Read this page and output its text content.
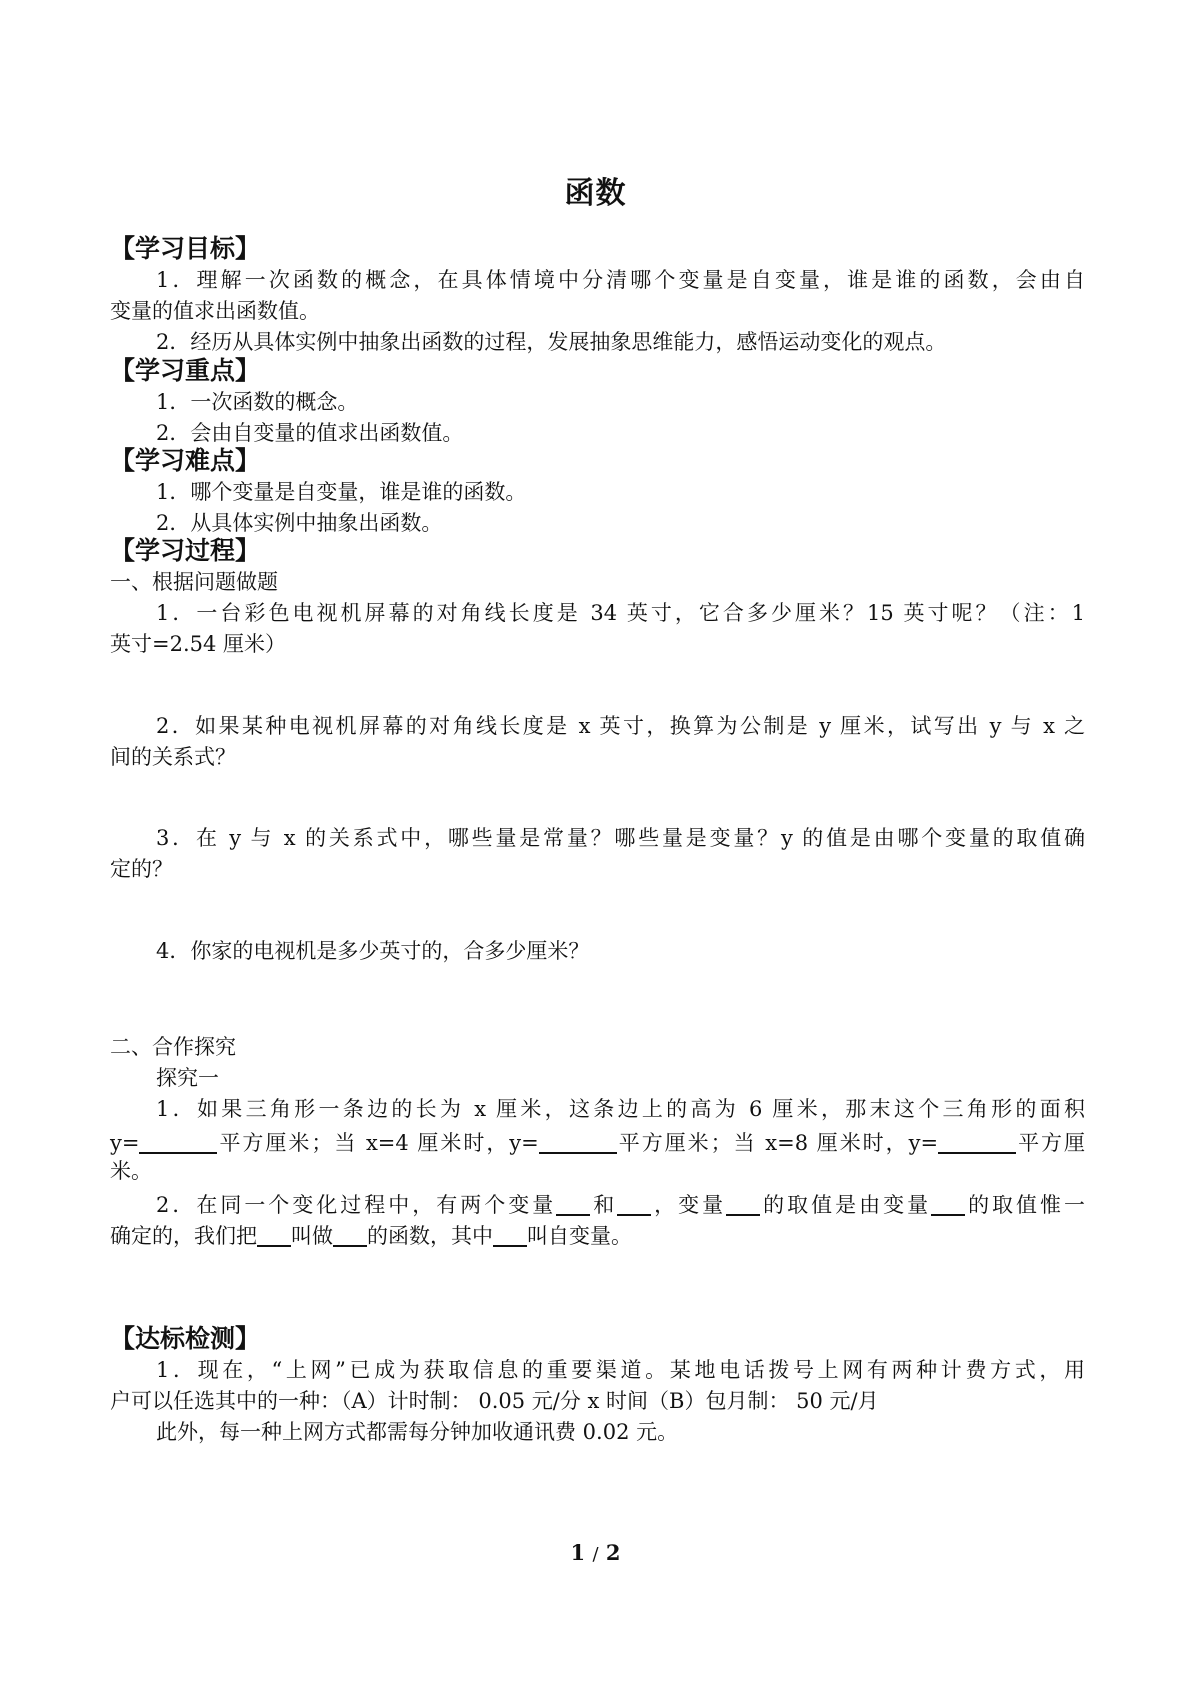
函数
【学习目标】
1．理解一次函数的概念，在具体情境中分清哪个变量是自变量，谁是谁的函数，会由自
变量的值求出函数值。
2．经历从具体实例中抽象出函数的过程，发展抽象思维能力，感悟运动变化的观点。
【学习重点】
1．一次函数的概念。
2．会由自变量的值求出函数值。
【学习难点】
1．哪个变量是自变量，谁是谁的函数。
2．从具体实例中抽象出函数。
【学习过程】
一、根据问题做题
1．一台彩色电视机屏幕的对角线长度是 34 英寸，它合多少厘米？15 英寸呢？（注：1
英寸=2.54 厘米）
2．如果某种电视机屏幕的对角线长度是 x 英寸，换算为公制是 y 厘米，试写出 y 与 x 之
间的关系式？
3．在 y 与 x 的关系式中，哪些量是常量？哪些量是变量？y 的值是由哪个变量的取值确
定的？
4．你家的电视机是多少英寸的，合多少厘米？
二、合作探究
探究一
1．如果三角形一条边的长为 x 厘米，这条边上的高为 6 厘米，那末这个三角形的面积
y=	平方厘米；当 x=4 厘米时，y=	平方厘米；当 x=8 厘米时，y=	平方厘
米。
2．在同一个变化过程中，有两个变量 和 ，变量 的取值是由变量 的取值惟一
确定的，我们把 叫做 的函数，其中 叫自变量。
【达标检测】
1．现在，“上网”已成为获取信息的重要渠道。某地电话拨号上网有两种计费方式，用
户可以任选其中的一种：（A）计时制： 0.05 元/分 x 时间（B）包月制： 50 元/月
此外，每一种上网方式都需每分钟加收通讯费 0.02 元。
1 / 2
